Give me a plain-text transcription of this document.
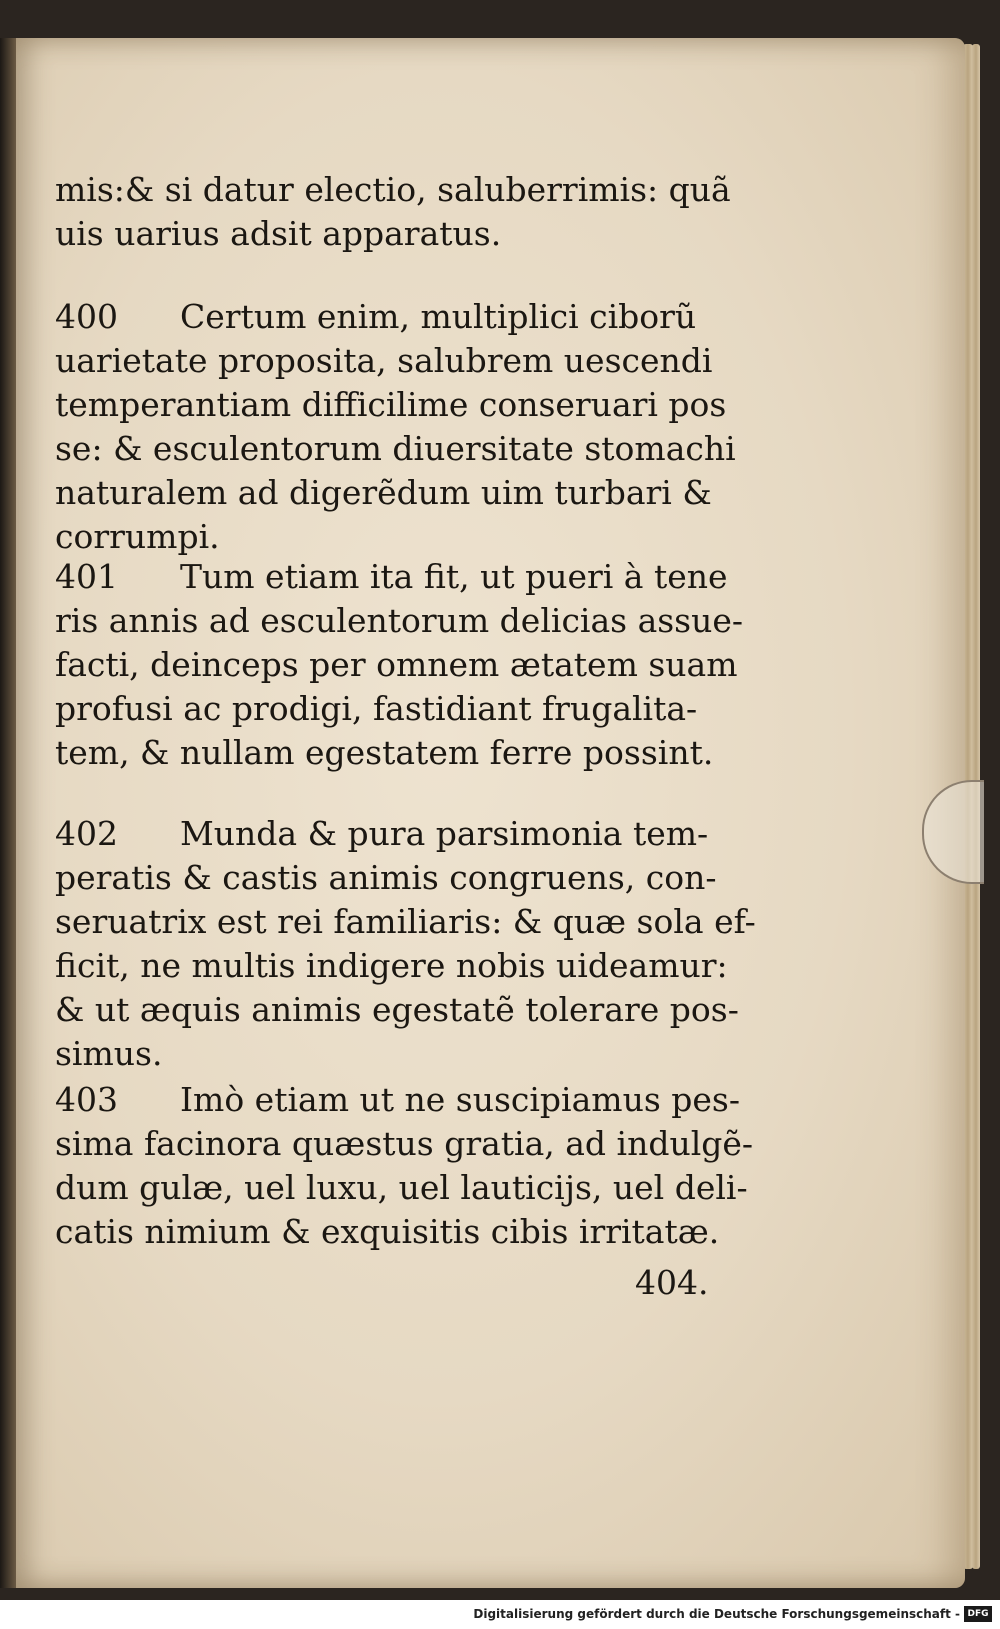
mis:& si datur electio, saluberrimis: quã
uis uarius adsit apparatus.
400 Certum enim, multiplici ciborũ
uarietate proposita, salubrem uescendi
temperantiam difficilime conseruari pos
se: & esculentorum diuersitate stomachi
naturalem ad digerẽdum uim turbari &
corrumpi.
401 Tum etiam ita fit, ut pueri à tene
ris annis ad esculentorum delicias assue-
facti, deinceps per omnem ætatem suam
profusi ac prodigi, fastidiant frugalita-
tem, & nullam egestatem ferre possint.
402 Munda & pura parsimonia tem-
peratis & castis animis congruens, con-
seruatrix est rei familiaris: & quæ sola ef-
ficit, ne multis indigere nobis uideamur:
& ut æquis animis egestatẽ tolerare pos-
simus.
403 Imò etiam ut ne suscipiamus pes-
sima facinora quæstus gratia, ad indulgẽ-
dum gulæ, uel luxu, uel lauticijs, uel deli-
catis nimium & exquisitis cibis irritatæ.
404.
Digitalisierung gefördert durch die Deutsche Forschungsgemeinschaft - DFG
